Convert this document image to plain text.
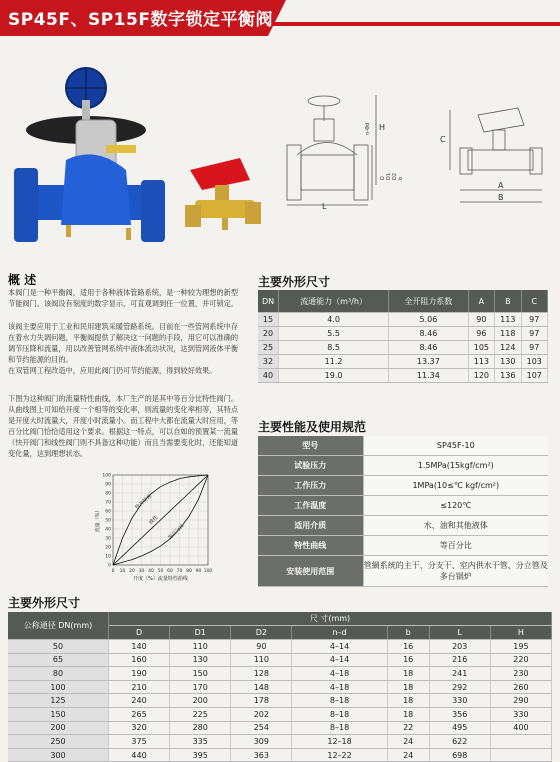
SP45F、SP15F数字锁定平衡阀
L
H
n-Φd
D D1 D2 b
A
B
C
概 述
本阀门是一种平衡阀，适用于各种液体管路系统，是一种较为理想的新型节能阀门。该阀设有刻度的数字显示，可直观调到任一位置，并可锁定。
该阀主要应用于工业和民用建筑采暖管路系统。目前在一些管网系统中存在着水力失调问题，平衡阀提供了解决这一问题的手段，用它可以准确的调节压降和流量，用以改善管网系统中液体流动状况，达到管网液体平衡和节约能源的目的。
在双管网工程改造中，应用此阀门仍可节约能源，得到较好效果。
下图为这种阀门的流量特性曲线，本厂生产的是其中等百分比特性阀门。从曲线图上可知给开度一个相等的变化率，则流量的变化率相等，其特点是开度大时流量大，开度小时流量小。而工程中大都在流量大时应用，等百分比阀门恰恰适用这个要求。根据这一特点，可以自如的预置某一流量（快开阀门和线性阀门则不具备这种功能）而且当需要变化时，还能知道变化量，达到理想状态。
0
0
10
10
20
20
30
30
40
40
50
50
60
60
70
70
80
80
90
90
100
100
快开特性
线性
等百分比
开度（%）流量特性曲线
流量（%）
主要外形尺寸
DN	流通能力（m³/h）	全开阻力系数	A	B	C
15	4.0	5.06	90	113	97
20	5.5	8.46	96	118	97
25	8.5	8.46	105	124	97
32	11.2	13.37	113	130	103
40	19.0	11.34	120	136	107
主要性能及使用规范
型号	SP45F-10
试验压力	1.5MPa(15kgf/cm²)
工作压力	1MPa(10≤℃ kgf/cm²)
工作温度	≤120℃
适用介质	水、油和其他液体
特性曲线	等百分比
安装使用范围	管網系统的主干、分支干、室内供水干管、分立管及多台锅炉
主要外形尺寸
公称通径 DN(mm)	尺 寸(mm)						
	D	D1	D2	n–d	b	L	H
50	140	110	90	4–14	16	203	195
65	160	130	110	4–14	16	216	220
80	190	150	128	4–18	18	241	230
100	210	170	148	4–18	18	292	260
125	240	200	178	8–18	18	330	290
150	265	225	202	8–18	18	356	330
200	320	280	254	8–18	22	495	400
250	375	335	309	12–18	24	622	
300	440	395	363	12–22	24	698	
